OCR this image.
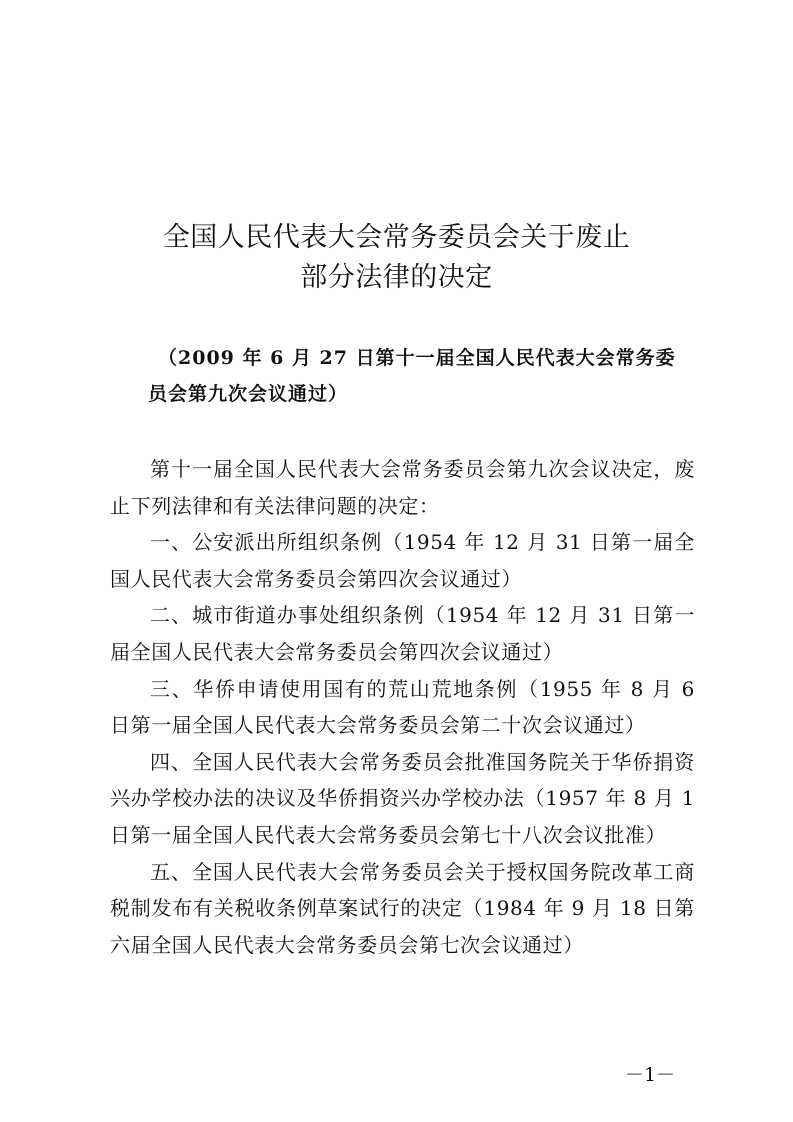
全国人民代表大会常务委员会关于废止
部分法律的决定
（2009 年 6 月 27 日第十一届全国人民代表大会常务委
员会第九次会议通过）

第十一届全国人民代表大会常务委员会第九次会议决定，废止下列法律和有关法律问题的决定：

一、公安派出所组织条例（1954 年 12 月 31 日第一届全国人民代表大会常务委员会第四次会议通过）

二、城市街道办事处组织条例（1954 年 12 月 31 日第一届全国人民代表大会常务委员会第四次会议通过）

三、华侨申请使用国有的荒山荒地条例（1955 年 8 月 6 日第一届全国人民代表大会常务委员会第二十次会议通过）

四、全国人民代表大会常务委员会批准国务院关于华侨捐资兴办学校办法的决议及华侨捐资兴办学校办法（1957 年 8 月 1 日第一届全国人民代表大会常务委员会第七十八次会议批准）

五、全国人民代表大会常务委员会关于授权国务院改革工商税制发布有关税收条例草案试行的决定（1984 年 9 月 18 日第六届全国人民代表大会常务委员会第七次会议通过）

－1－
